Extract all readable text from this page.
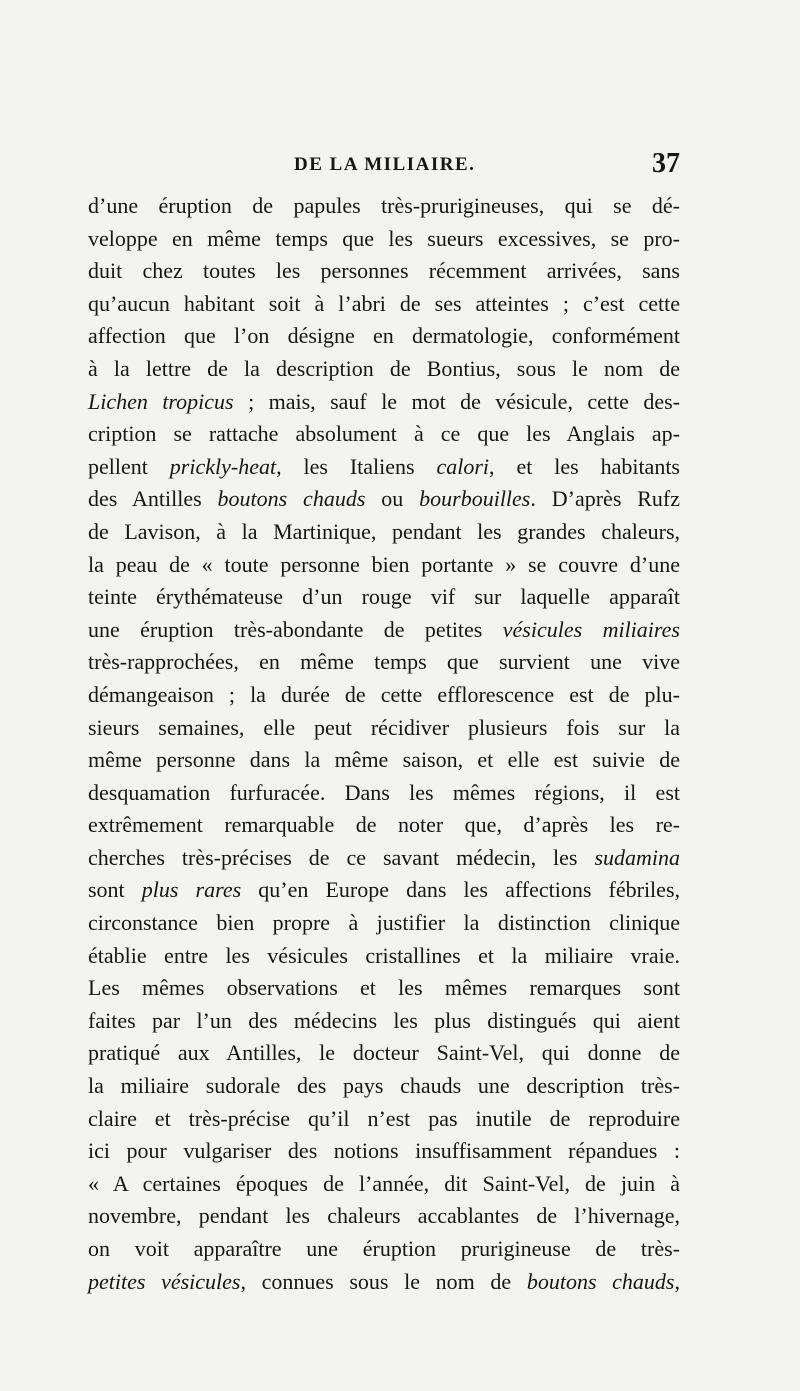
DE LA MILIAIRE.	37
d’une éruption de papules très-prurigineuses, qui se dé-
veloppe en même temps que les sueurs excessives, se pro-
duit chez toutes les personnes récemment arrivées, sans
qu’aucun habitant soit à l’abri de ses atteintes ; c’est cette
affection que l’on désigne en dermatologie, conformément
à la lettre de la description de Bontius, sous le nom de
Lichen tropicus ; mais, sauf le mot de vésicule, cette des-
cription se rattache absolument à ce que les Anglais ap-
pellent prickly-heat, les Italiens calori, et les habitants
des Antilles boutons chauds ou bourbouilles. D’après Rufz
de Lavison, à la Martinique, pendant les grandes chaleurs,
la peau de « toute personne bien portante » se couvre d’une
teinte érythémateuse d’un rouge vif sur laquelle apparaît
une éruption très-abondante de petites vésicules miliaires
très-rapprochées, en même temps que survient une vive
démangeaison ; la durée de cette efflorescence est de plu-
sieurs semaines, elle peut récidiver plusieurs fois sur la
même personne dans la même saison, et elle est suivie de
desquamation furfuracée. Dans les mêmes régions, il est
extrêmement remarquable de noter que, d’après les re-
cherches très-précises de ce savant médecin, les sudamina
sont plus rares qu’en Europe dans les affections fébriles,
circonstance bien propre à justifier la distinction clinique
établie entre les vésicules cristallines et la miliaire vraie.
Les mêmes observations et les mêmes remarques sont
faites par l’un des médecins les plus distingués qui aient
pratiqué aux Antilles, le docteur Saint-Vel, qui donne de
la miliaire sudorale des pays chauds une description très-
claire et très-précise qu’il n’est pas inutile de reproduire
ici pour vulgariser des notions insuffisamment répandues :
« A certaines époques de l’année, dit Saint-Vel, de juin à
novembre, pendant les chaleurs accablantes de l’hivernage,
on voit apparaître une éruption prurigineuse de très-
petites vésicules, connues sous le nom de boutons chauds,
